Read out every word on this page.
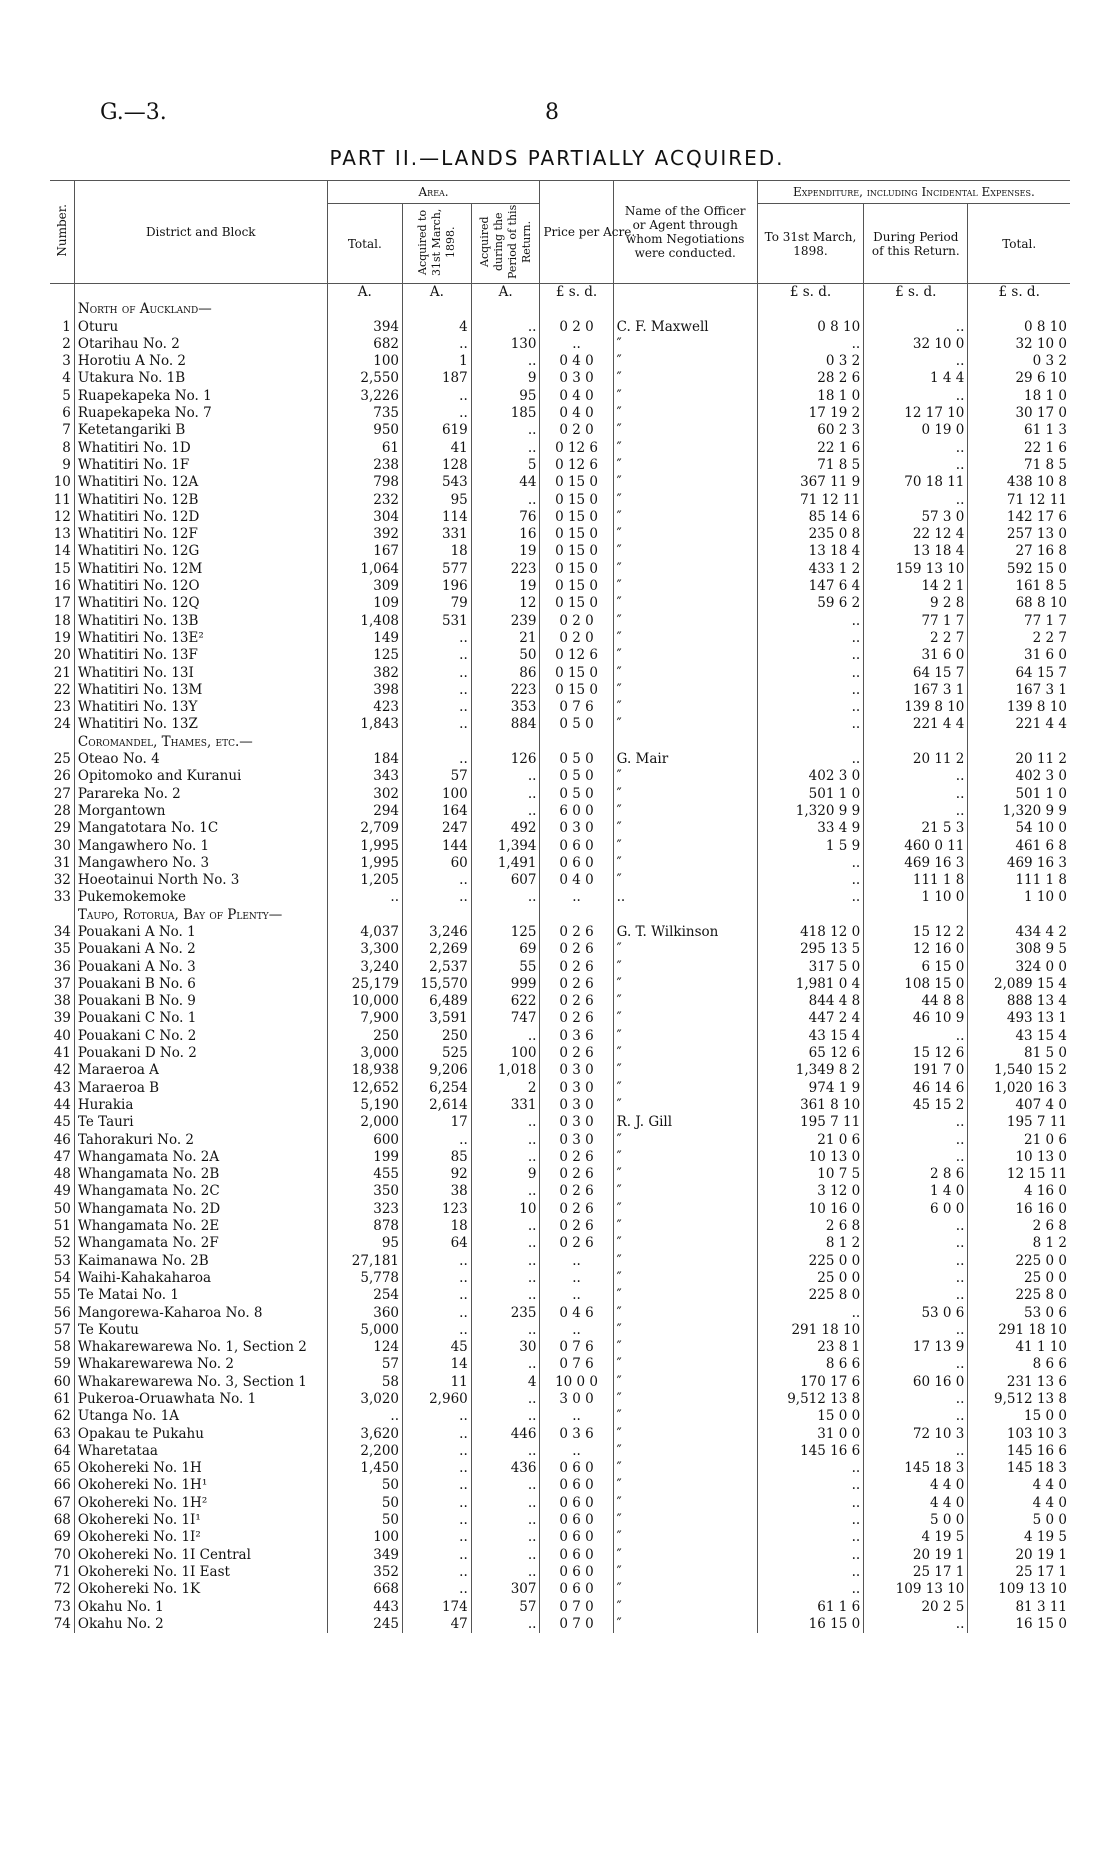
G.—3.	8
PART II.—LANDS PARTIALLY ACQUIRED.
Number.	District and Block	Area.			Price per Acre.	Name of the Officer or Agent through whom Negotiations were conducted.	Expenditure, including Incidental Expenses.		
		Total.	Acquired to 31st March, 1898.	Acquired during the Period of this Return.			To 31st March, 1898.	During Period of this Return.	Total.
		A.	A.	A.	£ s. d.		£ s. d.	£ s. d.	£ s. d.
	North of Auckland—								
1	Oturu	394	4	..	0 2 0	C. F. Maxwell	0 8 10	..	0 8 10
2	Otarihau No. 2	682	..	130	..	″	..	32 10 0	32 10 0
3	Horotiu A No. 2	100	1	..	0 4 0	″	0 3 2	..	0 3 2
4	Utakura No. 1B	2,550	187	9	0 3 0	″	28 2 6	1 4 4	29 6 10
5	Ruapekapeka No. 1	3,226	..	95	0 4 0	″	18 1 0	..	18 1 0
6	Ruapekapeka No. 7	735	..	185	0 4 0	″	17 19 2	12 17 10	30 17 0
7	Ketetangariki B	950	619	..	0 2 0	″	60 2 3	0 19 0	61 1 3
8	Whatitiri No. 1D	61	41	..	0 12 6	″	22 1 6	..	22 1 6
9	Whatitiri No. 1F	238	128	5	0 12 6	″	71 8 5	..	71 8 5
10	Whatitiri No. 12A	798	543	44	0 15 0	″	367 11 9	70 18 11	438 10 8
11	Whatitiri No. 12B	232	95	..	0 15 0	″	71 12 11	..	71 12 11
12	Whatitiri No. 12D	304	114	76	0 15 0	″	85 14 6	57 3 0	142 17 6
13	Whatitiri No. 12F	392	331	16	0 15 0	″	235 0 8	22 12 4	257 13 0
14	Whatitiri No. 12G	167	18	19	0 15 0	″	13 18 4	13 18 4	27 16 8
15	Whatitiri No. 12M	1,064	577	223	0 15 0	″	433 1 2	159 13 10	592 15 0
16	Whatitiri No. 12O	309	196	19	0 15 0	″	147 6 4	14 2 1	161 8 5
17	Whatitiri No. 12Q	109	79	12	0 15 0	″	59 6 2	9 2 8	68 8 10
18	Whatitiri No. 13B	1,408	531	239	0 2 0	″	..	77 1 7	77 1 7
19	Whatitiri No. 13E²	149	..	21	0 2 0	″	..	2 2 7	2 2 7
20	Whatitiri No. 13F	125	..	50	0 12 6	″	..	31 6 0	31 6 0
21	Whatitiri No. 13I	382	..	86	0 15 0	″	..	64 15 7	64 15 7
22	Whatitiri No. 13M	398	..	223	0 15 0	″	..	167 3 1	167 3 1
23	Whatitiri No. 13Y	423	..	353	0 7 6	″	..	139 8 10	139 8 10
24	Whatitiri No. 13Z	1,843	..	884	0 5 0	″	..	221 4 4	221 4 4
	Coromandel, Thames, etc.—								
25	Oteao No. 4	184	..	126	0 5 0	G. Mair	..	20 11 2	20 11 2
26	Opitomoko and Kuranui	343	57	..	0 5 0	″	402 3 0	..	402 3 0
27	Parareka No. 2	302	100	..	0 5 0	″	501 1 0	..	501 1 0
28	Morgantown	294	164	..	6 0 0	″	1,320 9 9	..	1,320 9 9
29	Mangatotara No. 1C	2,709	247	492	0 3 0	″	33 4 9	21 5 3	54 10 0
30	Mangawhero No. 1	1,995	144	1,394	0 6 0	″	1 5 9	460 0 11	461 6 8
31	Mangawhero No. 3	1,995	60	1,491	0 6 0	″	..	469 16 3	469 16 3
32	Hoeotainui North No. 3	1,205	..	607	0 4 0	″	..	111 1 8	111 1 8
33	Pukemokemoke	..	..	..	..	..	..	1 10 0	1 10 0
	Taupo, Rotorua, Bay of Plenty—								
34	Pouakani A No. 1	4,037	3,246	125	0 2 6	G. T. Wilkinson	418 12 0	15 12 2	434 4 2
35	Pouakani A No. 2	3,300	2,269	69	0 2 6	″	295 13 5	12 16 0	308 9 5
36	Pouakani A No. 3	3,240	2,537	55	0 2 6	″	317 5 0	6 15 0	324 0 0
37	Pouakani B No. 6	25,179	15,570	999	0 2 6	″	1,981 0 4	108 15 0	2,089 15 4
38	Pouakani B No. 9	10,000	6,489	622	0 2 6	″	844 4 8	44 8 8	888 13 4
39	Pouakani C No. 1	7,900	3,591	747	0 2 6	″	447 2 4	46 10 9	493 13 1
40	Pouakani C No. 2	250	250	..	0 3 6	″	43 15 4	..	43 15 4
41	Pouakani D No. 2	3,000	525	100	0 2 6	″	65 12 6	15 12 6	81 5 0
42	Maraeroa A	18,938	9,206	1,018	0 3 0	″	1,349 8 2	191 7 0	1,540 15 2
43	Maraeroa B	12,652	6,254	2	0 3 0	″	974 1 9	46 14 6	1,020 16 3
44	Hurakia	5,190	2,614	331	0 3 0	″	361 8 10	45 15 2	407 4 0
45	Te Tauri	2,000	17	..	0 3 0	R. J. Gill	195 7 11	..	195 7 11
46	Tahorakuri No. 2	600	..	..	0 3 0	″	21 0 6	..	21 0 6
47	Whangamata No. 2A	199	85	..	0 2 6	″	10 13 0	..	10 13 0
48	Whangamata No. 2B	455	92	9	0 2 6	″	10 7 5	2 8 6	12 15 11
49	Whangamata No. 2C	350	38	..	0 2 6	″	3 12 0	1 4 0	4 16 0
50	Whangamata No. 2D	323	123	10	0 2 6	″	10 16 0	6 0 0	16 16 0
51	Whangamata No. 2E	878	18	..	0 2 6	″	2 6 8	..	2 6 8
52	Whangamata No. 2F	95	64	..	0 2 6	″	8 1 2	..	8 1 2
53	Kaimanawa No. 2B	27,181	..	..	..	″	225 0 0	..	225 0 0
54	Waihi-Kahakaharoa	5,778	..	..	..	″	25 0 0	..	25 0 0
55	Te Matai No. 1	254	..	..	..	″	225 8 0	..	225 8 0
56	Mangorewa-Kaharoa No. 8	360	..	235	0 4 6	″	..	53 0 6	53 0 6
57	Te Koutu	5,000	..	..	..	″	291 18 10	..	291 18 10
58	Whakarewarewa No. 1, Section 2	124	45	30	0 7 6	″	23 8 1	17 13 9	41 1 10
59	Whakarewarewa No. 2	57	14	..	0 7 6	″	8 6 6	..	8 6 6
60	Whakarewarewa No. 3, Section 1	58	11	4	10 0 0	″	170 17 6	60 16 0	231 13 6
61	Pukeroa-Oruawhata No. 1	3,020	2,960	..	3 0 0	″	9,512 13 8	..	9,512 13 8
62	Utanga No. 1A	..	..	..	..	″	15 0 0	..	15 0 0
63	Opakau te Pukahu	3,620	..	446	0 3 6	″	31 0 0	72 10 3	103 10 3
64	Wharetataa	2,200	..	..	..	″	145 16 6	..	145 16 6
65	Okohereki No. 1H	1,450	..	436	0 6 0	″	..	145 18 3	145 18 3
66	Okohereki No. 1H¹	50	..	..	0 6 0	″	..	4 4 0	4 4 0
67	Okohereki No. 1H²	50	..	..	0 6 0	″	..	4 4 0	4 4 0
68	Okohereki No. 1I¹	50	..	..	0 6 0	″	..	5 0 0	5 0 0
69	Okohereki No. 1I²	100	..	..	0 6 0	″	..	4 19 5	4 19 5
70	Okohereki No. 1I Central	349	..	..	0 6 0	″	..	20 19 1	20 19 1
71	Okohereki No. 1I East	352	..	..	0 6 0	″	..	25 17 1	25 17 1
72	Okohereki No. 1K	668	..	307	0 6 0	″	..	109 13 10	109 13 10
73	Okahu No. 1	443	174	57	0 7 0	″	61 1 6	20 2 5	81 3 11
74	Okahu No. 2	245	47	..	0 7 0	″	16 15 0	..	16 15 0
